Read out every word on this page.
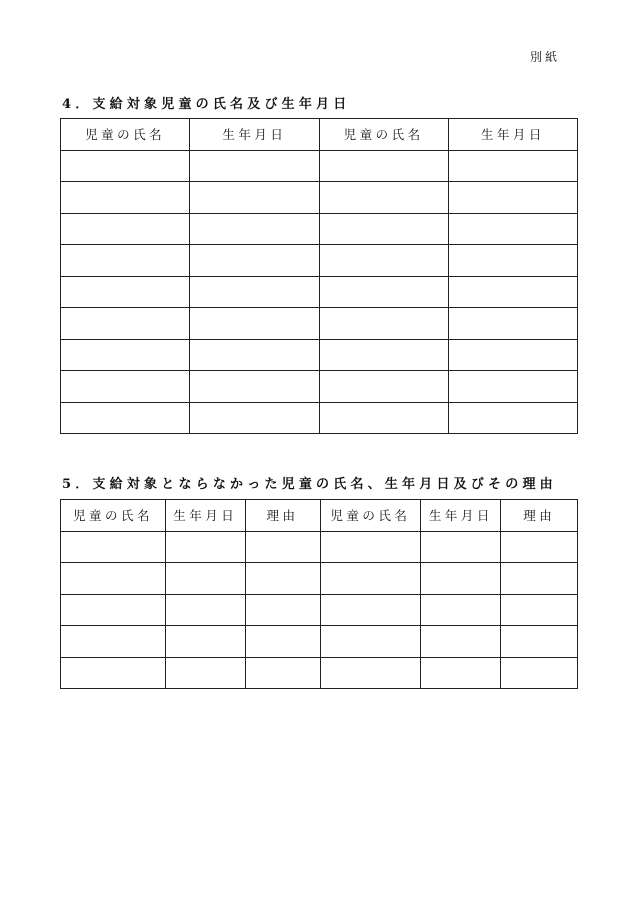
別紙
4．支給対象児童の氏名及び生年月日
児童の氏名	生年月日	児童の氏名	生年月日

5．支給対象とならなかった児童の氏名、生年月日及びその理由
児童の氏名	生年月日	理由	児童の氏名	生年月日	理由
